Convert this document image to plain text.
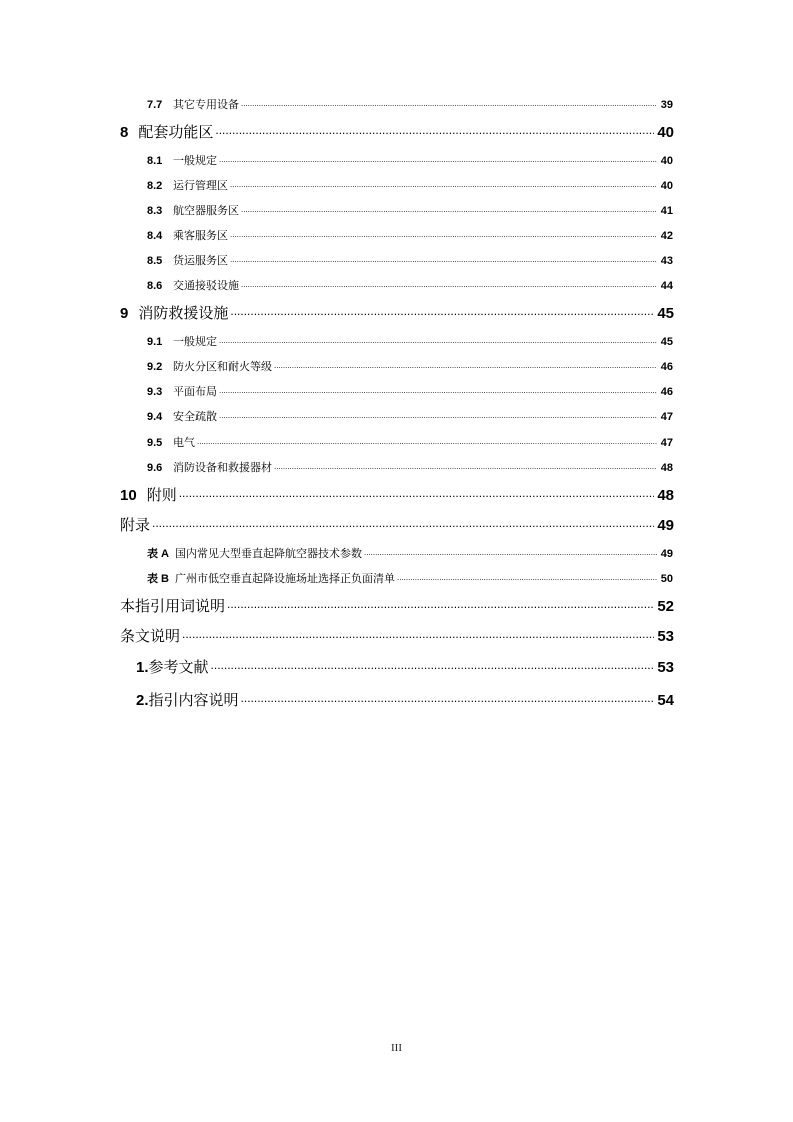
7.7 其它专用设备 .....	39
8 配套功能区 .....	40
8.1 一般规定 .....	40
8.2 运行管理区 .....	40
8.3 航空器服务区 .....	41
8.4 乘客服务区 .....	42
8.5 货运服务区 .....	43
8.6 交通接驳设施 .....	44
9 消防救援设施 .....	45
9.1 一般规定 .....	45
9.2 防火分区和耐火等级 .....	46
9.3 平面布局 .....	46
9.4 安全疏散 .....	47
9.5 电气 .....	47
9.6 消防设备和救援器材 .....	48
10 附则 .....	48
附录 .....	49
表 A 国内常见大型垂直起降航空器技术参数 .....	49
表 B 广州市低空垂直起降设施场址选择正负面清单 .....	50
本指引用词说明 .....	52
条文说明 .....	53
1. 参考文献 .....	53
2. 指引内容说明 .....	54
III
